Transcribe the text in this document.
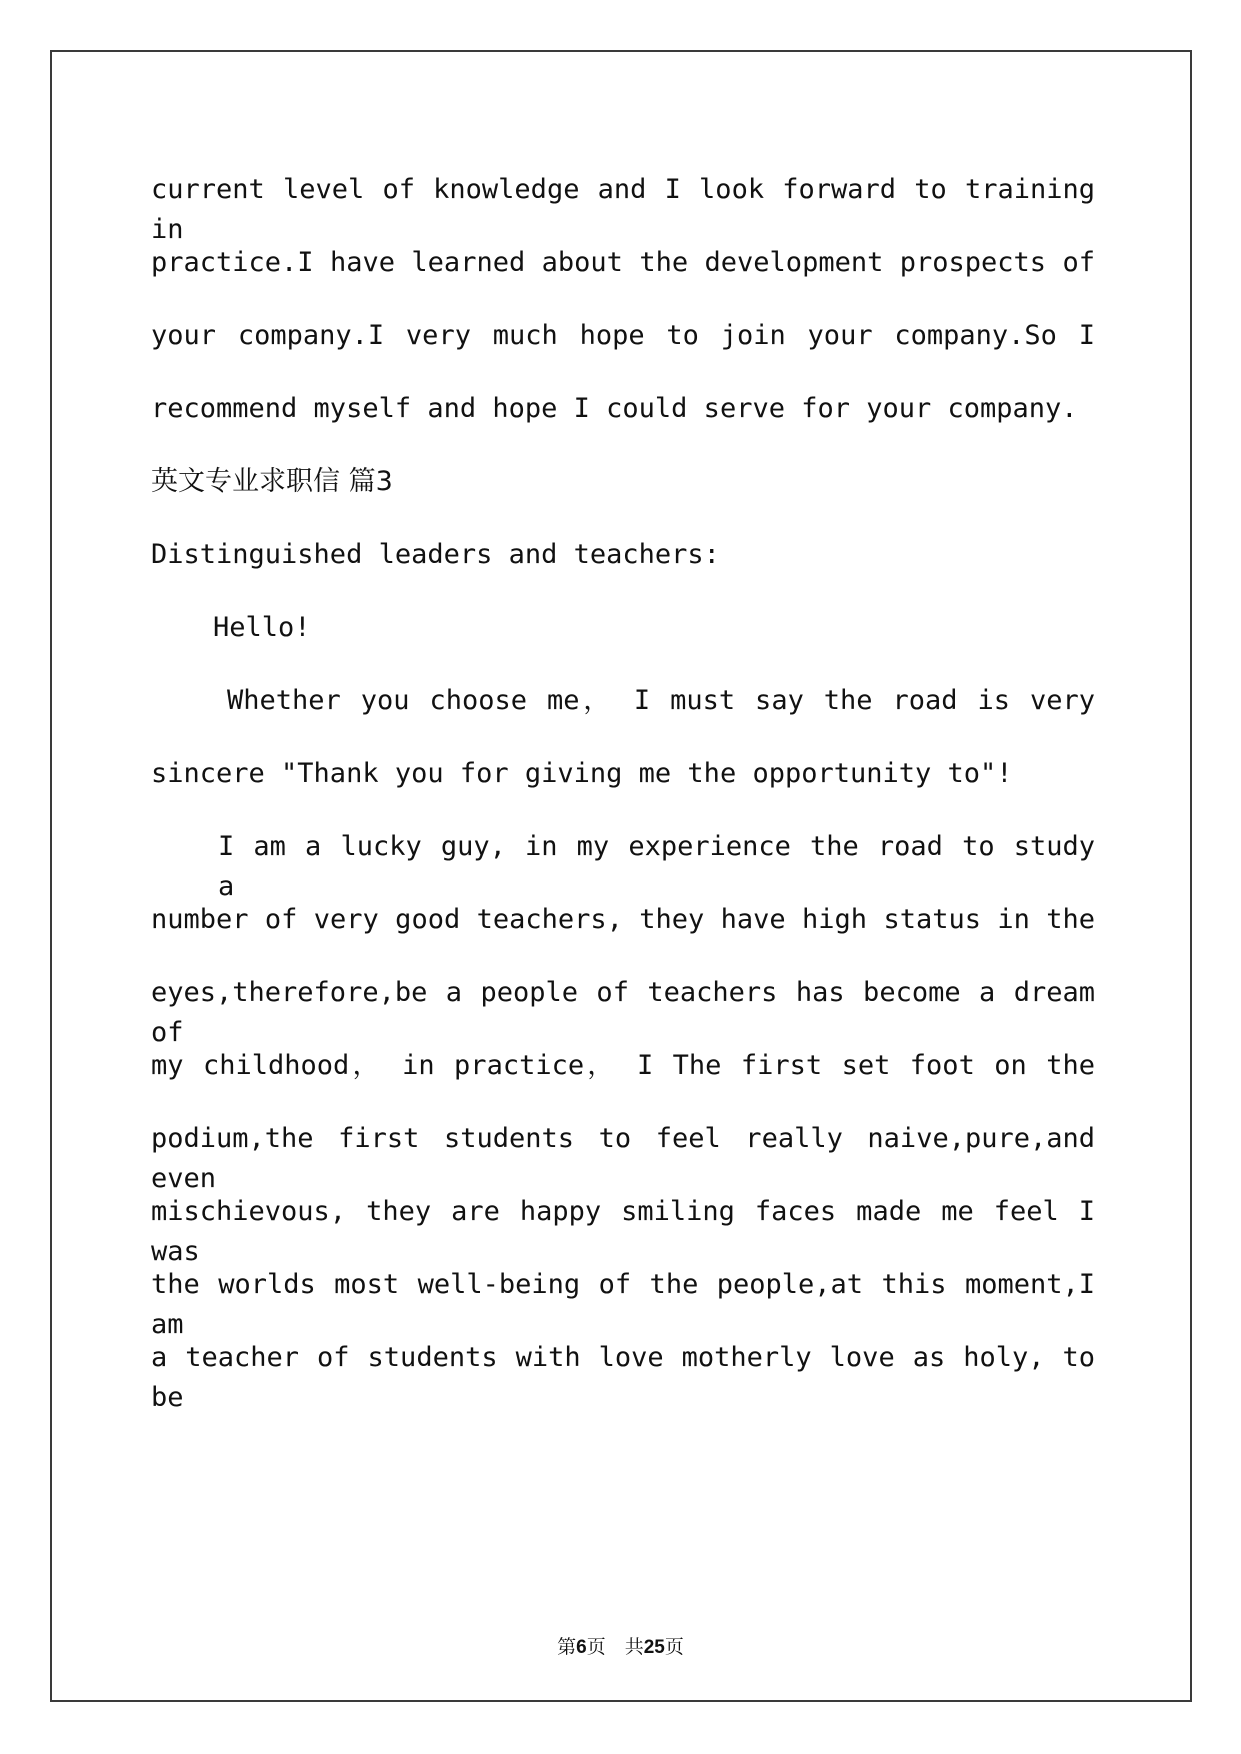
current level of knowledge and I look forward to training in
practice.I have learned about the development prospects of
your company.I very much hope to join your company.So I
recommend myself and hope I could serve for your company.
英文专业求职信 篇3
Distinguished leaders and teachers:
Hello!
Whether you choose me， I must say the road is very
sincere "Thank you for giving me the opportunity to"!
I am a lucky guy, in my experience the road to study a
number of very good teachers, they have high status in the
eyes,therefore,be a people of teachers has become a dream of
my childhood， in practice， I The first set foot on the
podium,the first students to feel really naive,pure,and even
mischievous, they are happy smiling faces made me feel I was
the worlds most well-being of the people,at this moment,I am
a teacher of students with love motherly love as holy, to be
第6页　共25页
